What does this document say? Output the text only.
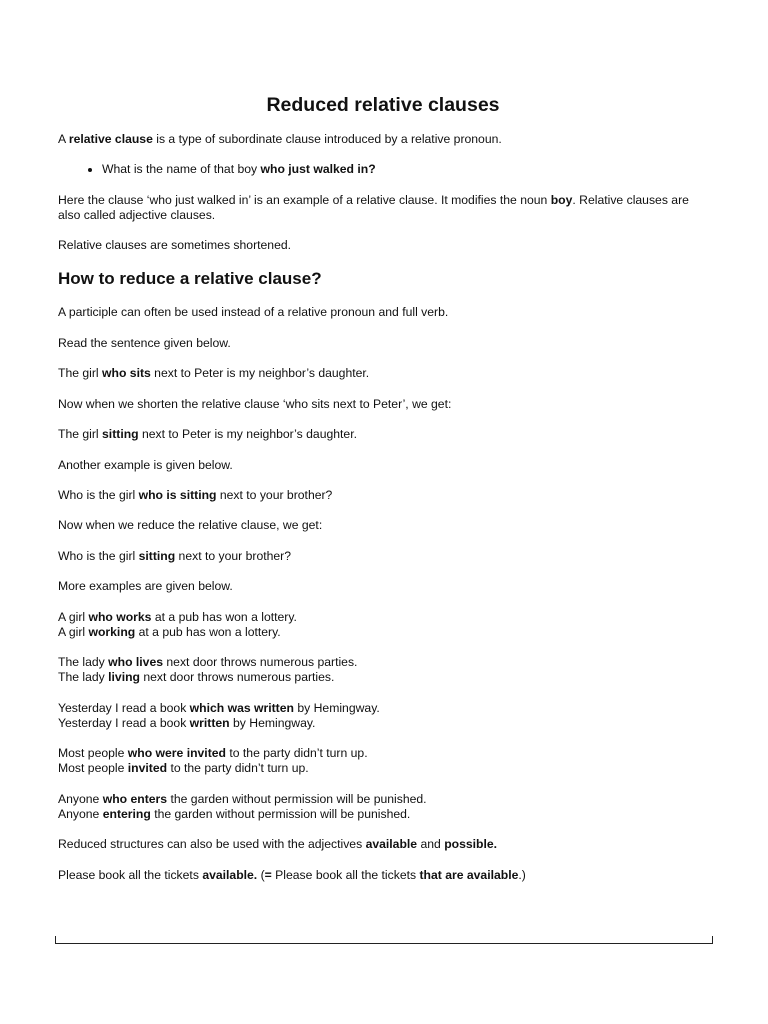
Reduced relative clauses

A relative clause is a type of subordinate clause introduced by a relative pronoun.

• What is the name of that boy who just walked in?

Here the clause ‘who just walked in’ is an example of a relative clause. It modifies the noun boy. Relative clauses are also called adjective clauses.

Relative clauses are sometimes shortened.

How to reduce a relative clause?

A participle can often be used instead of a relative pronoun and full verb.

Read the sentence given below.

The girl who sits next to Peter is my neighbor’s daughter.

Now when we shorten the relative clause ‘who sits next to Peter’, we get:

The girl sitting next to Peter is my neighbor’s daughter.

Another example is given below.

Who is the girl who is sitting next to your brother?

Now when we reduce the relative clause, we get:

Who is the girl sitting next to your brother?

More examples are given below.

A girl who works at a pub has won a lottery.
A girl working at a pub has won a lottery.

The lady who lives next door throws numerous parties.
The lady living next door throws numerous parties.

Yesterday I read a book which was written by Hemingway.
Yesterday I read a book written by Hemingway.

Most people who were invited to the party didn’t turn up.
Most people invited to the party didn’t turn up.

Anyone who enters the garden without permission will be punished.
Anyone entering the garden without permission will be punished.

Reduced structures can also be used with the adjectives available and possible.

Please book all the tickets available. (= Please book all the tickets that are available.)
